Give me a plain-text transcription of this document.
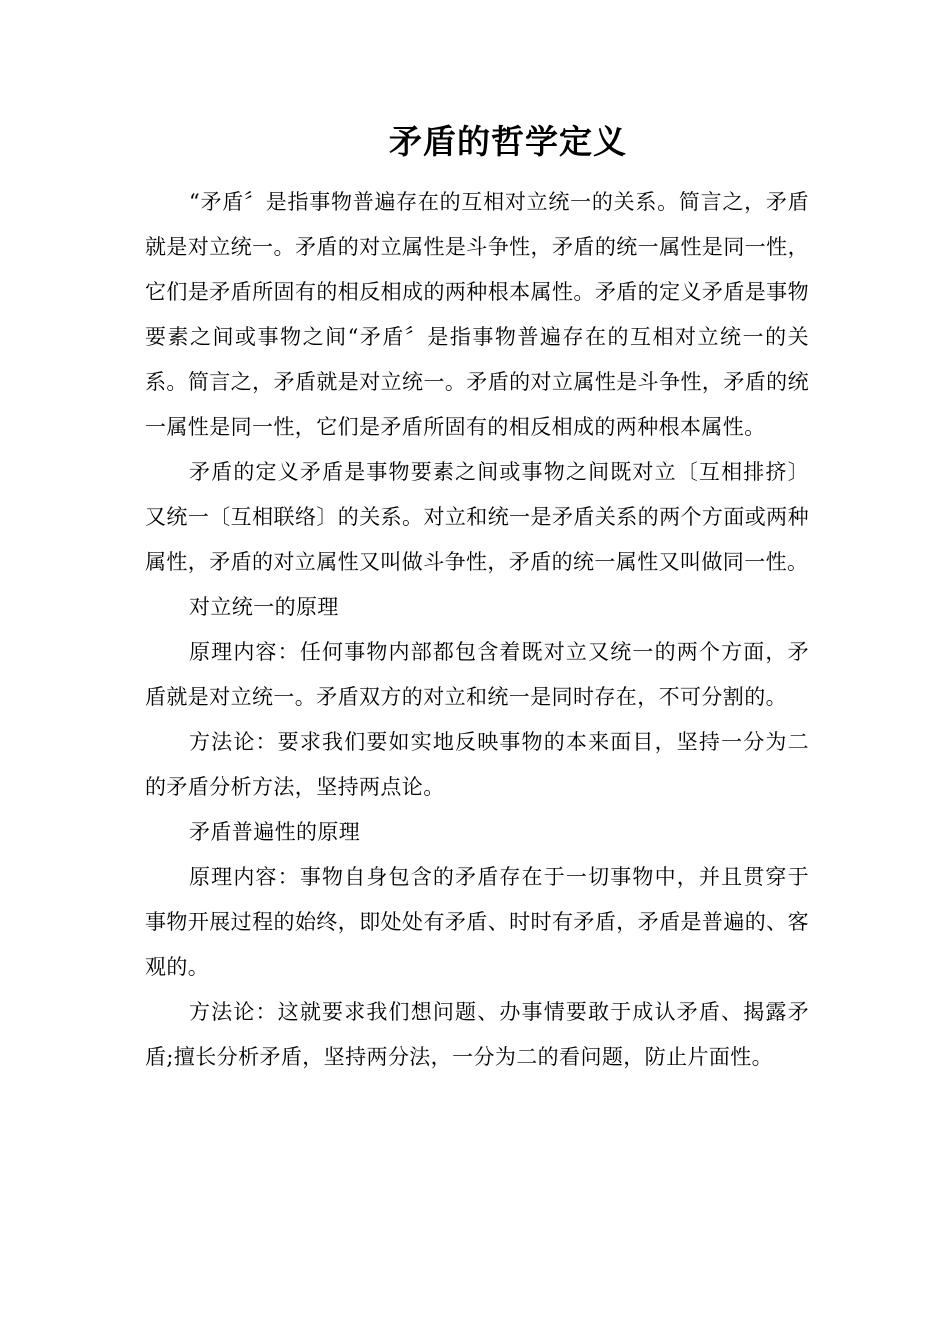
矛盾的哲学定义

“矛盾〞是指事物普遍存在的互相对立统一的关系。简言之，矛盾就是对立统一。矛盾的对立属性是斗争性，矛盾的统一属性是同一性，它们是矛盾所固有的相反相成的两种根本属性。矛盾的定义矛盾是事物要素之间或事物之间“矛盾〞是指事物普遍存在的互相对立统一的关系。简言之，矛盾就是对立统一。矛盾的对立属性是斗争性，矛盾的统一属性是同一性，它们是矛盾所固有的相反相成的两种根本属性。

矛盾的定义矛盾是事物要素之间或事物之间既对立〔互相排挤〕又统一〔互相联络〕的关系。对立和统一是矛盾关系的两个方面或两种属性，矛盾的对立属性又叫做斗争性，矛盾的统一属性又叫做同一性。

对立统一的原理

原理内容：任何事物内部都包含着既对立又统一的两个方面，矛盾就是对立统一。矛盾双方的对立和统一是同时存在，不可分割的。

方法论：要求我们要如实地反映事物的本来面目，坚持一分为二的矛盾分析方法，坚持两点论。

矛盾普遍性的原理

原理内容：事物自身包含的矛盾存在于一切事物中，并且贯穿于事物开展过程的始终，即处处有矛盾、时时有矛盾，矛盾是普遍的、客观的。

方法论：这就要求我们想问题、办事情要敢于成认矛盾、揭露矛盾;擅长分析矛盾，坚持两分法，一分为二的看问题，防止片面性。
